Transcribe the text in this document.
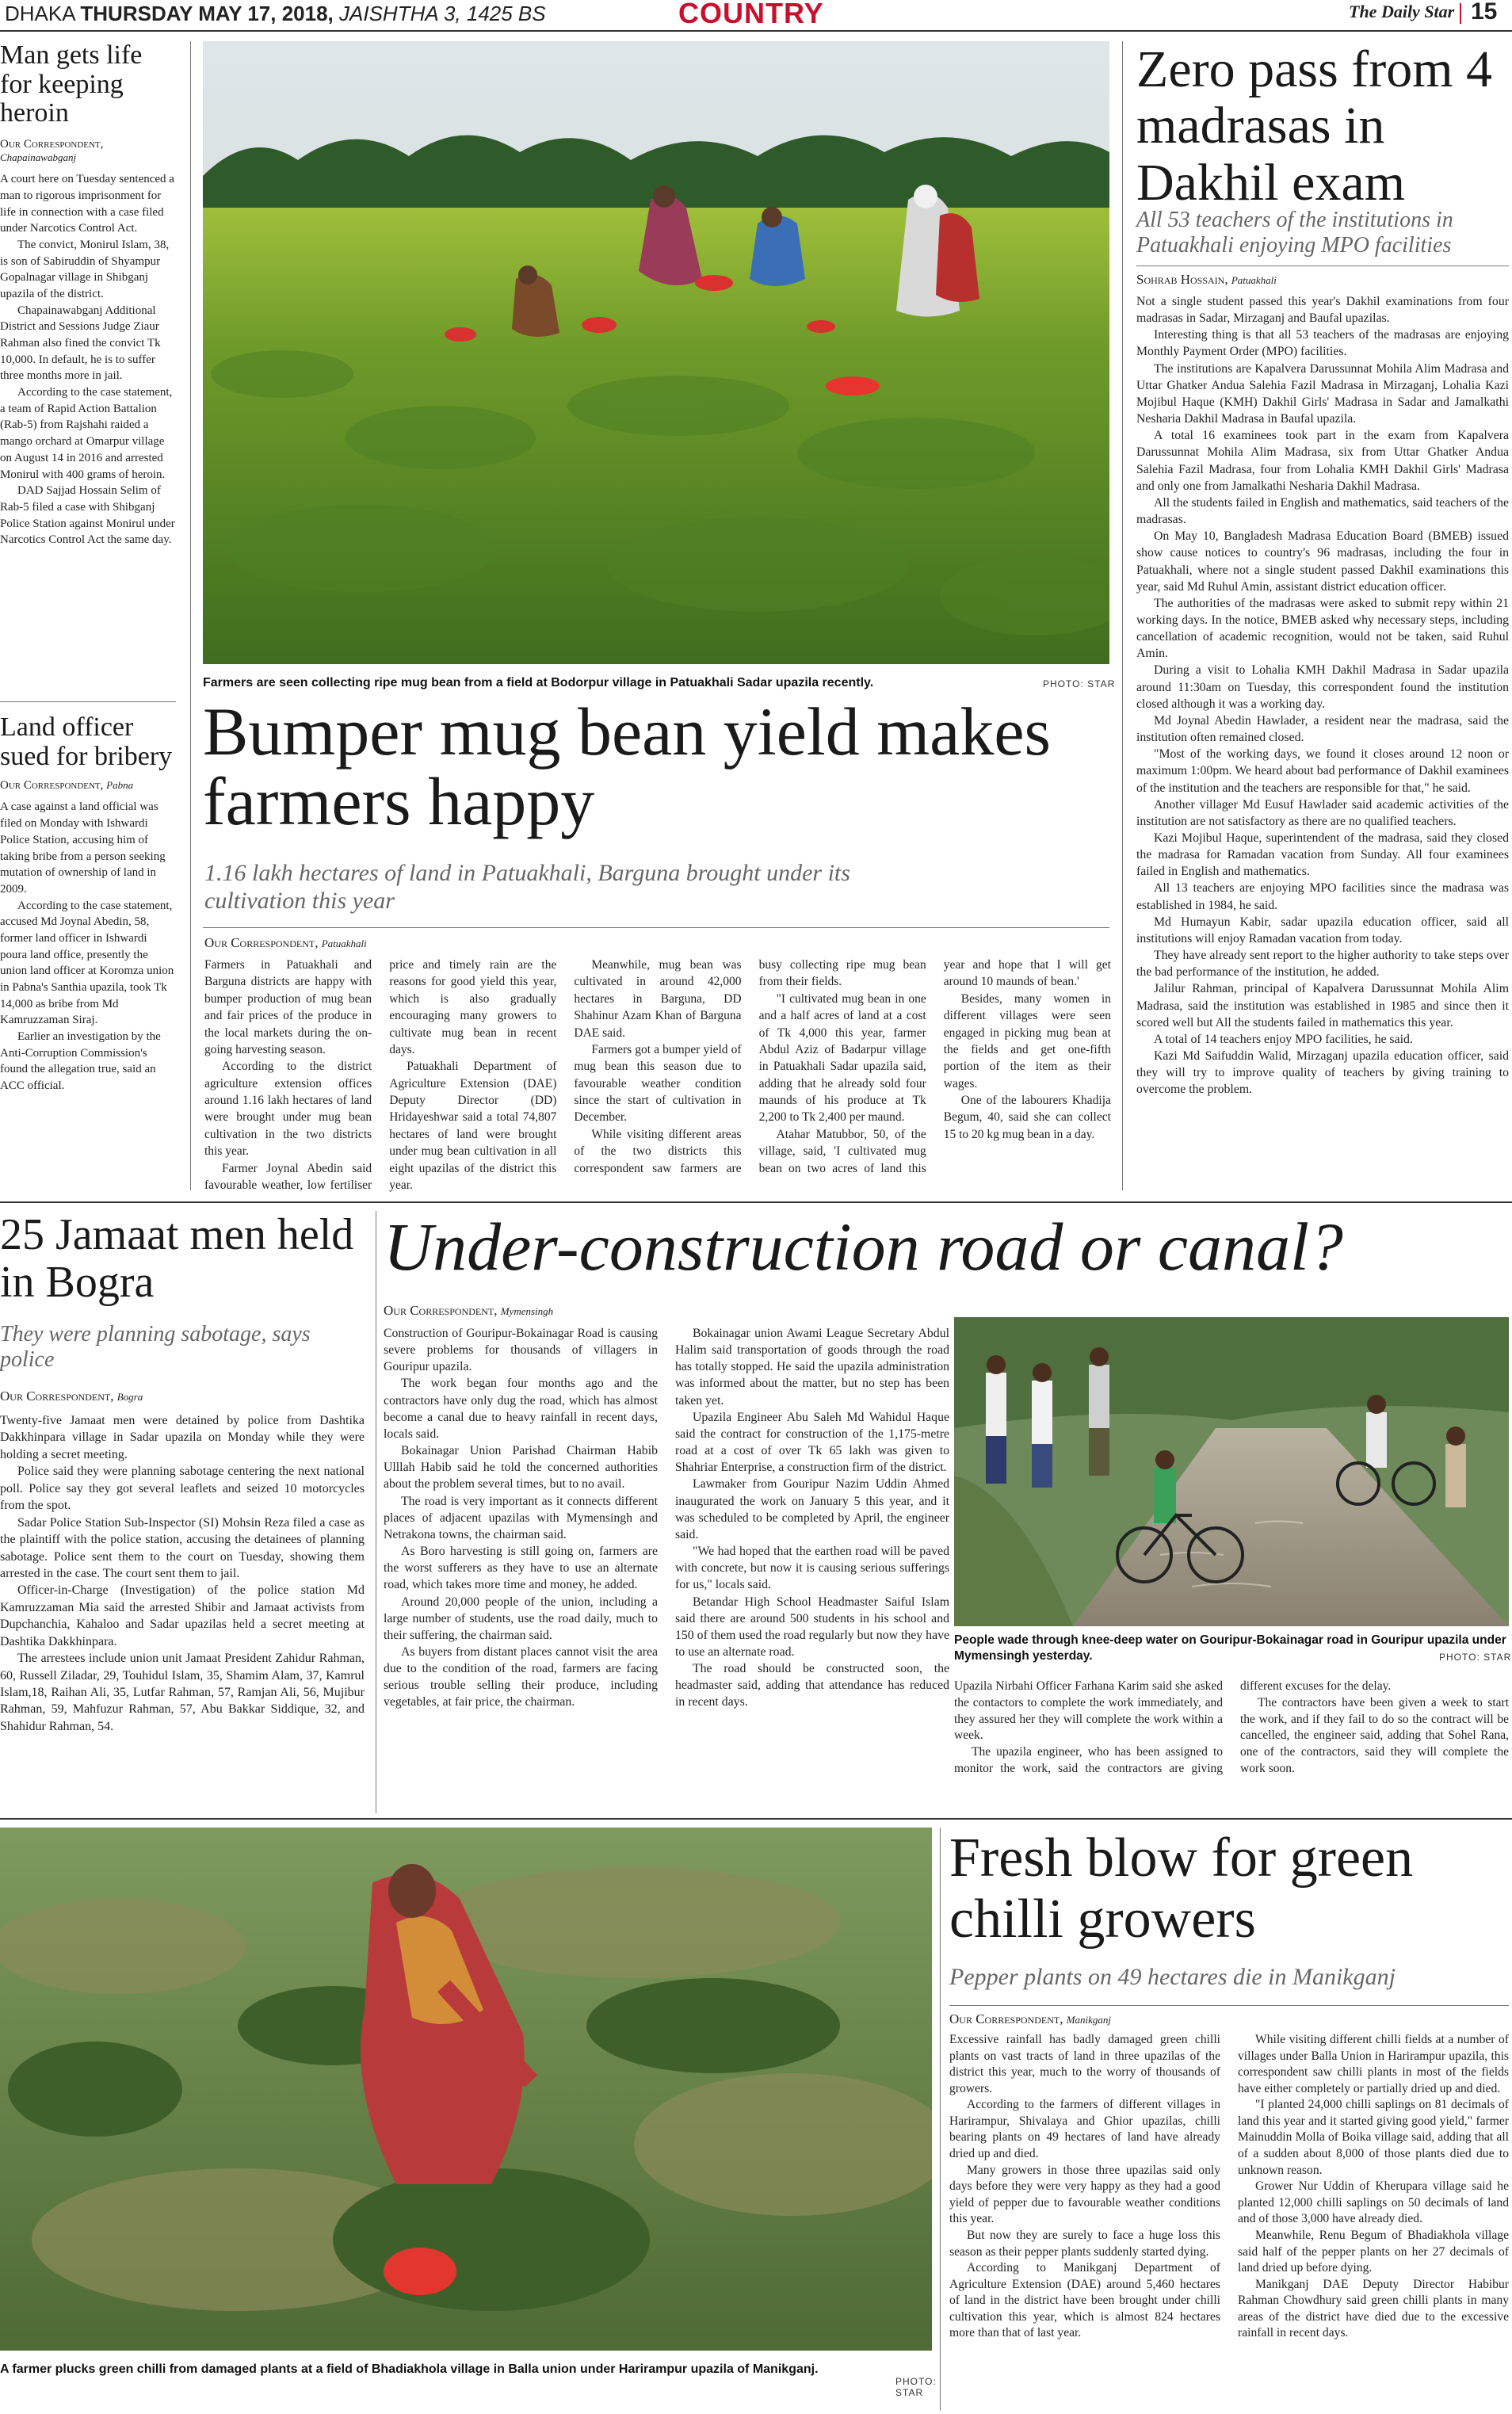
DHAKA THURSDAY MAY 17, 2018, JAISHTHA 3, 1425 BS	COUNTRY	The Daily Star 15
Man gets life for keeping heroin
Our Correspondent,
Chapainawabganj

A court here on Tuesday sentenced a man to rigorous imprisonment for life in connection with a case filed under Narcotics Control Act.

The convict, Monirul Islam, 38, is son of Sabiruddin of Shyampur Gopalnagar village in Shibganj upazila of the district.

Chapainawabganj Additional District and Sessions Judge Ziaur Rahman also fined the convict Tk 10,000. In default, he is to suffer three months more in jail.

According to the case statement, a team of Rapid Action Battalion (Rab-5) from Rajshahi raided a mango orchard at Omarpur village on August 14 in 2016 and arrested Monirul with 400 grams of heroin.

DAD Sajjad Hossain Selim of Rab-5 filed a case with Shibganj Police Station against Monirul under Narcotics Control Act the same day.

Land officer sued for bribery
Our Correspondent, Pabna

A case against a land official was filed on Monday with Ishwardi Police Station, accusing him of taking bribe from a person seeking mutation of ownership of land in 2009.

According to the case statement, accused Md Joynal Abedin, 58, former land officer in Ishwardi poura land office, presently the union land officer at Koromza union in Pabna's Santhia upazila, took Tk 14,000 as bribe from Md Kamruzzaman Siraj.

Earlier an investigation by the Anti-Corruption Commission's found the allegation true, said an ACC official.

Farmers are seen collecting ripe mug bean from a field at Bodorpur village in Patuakhali Sadar upazila recently.	PHOTO: STAR
Bumper mug bean yield makes farmers happy
1.16 lakh hectares of land in Patuakhali, Barguna brought under its cultivation this year
Our Correspondent, Patuakhali

Farmers in Patuakhali and Barguna districts are happy with bumper production of mug bean and fair prices of the produce in the local markets during the on-going harvesting season.

According to the district agriculture extension offices around 1.16 lakh hectares of land were brought under mug bean cultivation in the two districts this year.

Farmer Joynal Abedin said favourable weather, low fertiliser price and timely rain are the reasons for good yield this year, which is also gradually encouraging many growers to cultivate mug bean in recent days.

Patuakhali Department of Agriculture Extension (DAE) Deputy Director (DD) Hridayeshwar said a total 74,807 hectares of land were brought under mug bean cultivation in all eight upazilas of the district this year.

Meanwhile, mug bean was cultivated in around 42,000 hectares in Barguna, DD Shahinur Azam Khan of Barguna DAE said.

Farmers got a bumper yield of mug bean this season due to favourable weather condition since the start of cultivation in December.

While visiting different areas of the two districts this correspondent saw farmers are busy collecting ripe mug bean from their fields.

"I cultivated mug bean in one and a half acres of land at a cost of Tk 4,000 this year, farmer Abdul Aziz of Badarpur village in Patuakhali Sadar upazila said, adding that he already sold four maunds of his produce at Tk 2,200 to Tk 2,400 per maund.

Atahar Matubbor, 50, of the village, said, 'I cultivated mug bean on two acres of land this year and hope that I will get around 10 maunds of bean.'

Besides, many women in different villages were seen engaged in picking mug bean at the fields and get one-fifth portion of the item as their wages.

One of the labourers Khadija Begum, 40, said she can collect 15 to 20 kg mug bean in a day.

Zero pass from 4 madrasas in Dakhil exam
All 53 teachers of the institutions in Patuakhali enjoying MPO facilities
Sohrab Hossain, Patuakhali

Not a single student passed this year's Dakhil examinations from four madrasas in Sadar, Mirzaganj and Baufal upazilas.

Interesting thing is that all 53 teachers of the madrasas are enjoying Monthly Payment Order (MPO) facilities.

The institutions are Kapalvera Darussunnat Mohila Alim Madrasa and Uttar Ghatker Andua Salehia Fazil Madrasa in Mirzaganj, Lohalia Kazi Mojibul Haque (KMH) Dakhil Girls' Madrasa in Sadar and Jamalkathi Nesharia Dakhil Madrasa in Baufal upazila.

A total 16 examinees took part in the exam from Kapalvera Darussunnat Mohila Alim Madrasa, six from Uttar Ghatker Andua Salehia Fazil Madrasa, four from Lohalia KMH Dakhil Girls' Madrasa and only one from Jamalkathi Nesharia Dakhil Madrasa.

All the students failed in English and mathematics, said teachers of the madrasas.

On May 10, Bangladesh Madrasa Education Board (BMEB) issued show cause notices to country's 96 madrasas, including the four in Patuakhali, where not a single student passed Dakhil examinations this year, said Md Ruhul Amin, assistant district education officer.

The authorities of the madrasas were asked to submit repy within 21 working days. In the notice, BMEB asked why necessary steps, including cancellation of academic recognition, would not be taken, said Ruhul Amin.

During a visit to Lohalia KMH Dakhil Madrasa in Sadar upazila around 11:30am on Tuesday, this correspondent found the institution closed although it was a working day.

Md Joynal Abedin Hawlader, a resident near the madrasa, said the institution often remained closed.

"Most of the working days, we found it closes around 12 noon or maximum 1:00pm. We heard about bad performance of Dakhil examinees of the institution and the teachers are responsible for that," he said.

Another villager Md Eusuf Hawlader said academic activities of the institution are not satisfactory as there are no qualified teachers.

Kazi Mojibul Haque, superintendent of the madrasa, said they closed the madrasa for Ramadan vacation from Sunday. All four examinees failed in English and mathematics.

All 13 teachers are enjoying MPO facilities since the madrasa was established in 1984, he said.

Md Humayun Kabir, sadar upazila education officer, said all institutions will enjoy Ramadan vacation from today.

They have already sent report to the higher authority to take steps over the bad performance of the institution, he added.

Jalilur Rahman, principal of Kapalvera Darussunnat Mohila Alim Madrasa, said the institution was established in 1985 and since then it scored well but All the students failed in mathematics this year.

A total of 14 teachers enjoy MPO facilities, he said.

Kazi Md Saifuddin Walid, Mirzaganj upazila education officer, said they will try to improve quality of teachers by giving training to overcome the problem.

25 Jamaat men held in Bogra
They were planning sabotage, says police
Our Correspondent, Bogra

Twenty-five Jamaat men were detained by police from Dashtika Dakkhinpara village in Sadar upazila on Monday while they were holding a secret meeting.

Police said they were planning sabotage centering the next national poll. Police say they got several leaflets and seized 10 motorcycles from the spot.

Sadar Police Station Sub-Inspector (SI) Mohsin Reza filed a case as the plaintiff with the police station, accusing the detainees of planning sabotage. Police sent them to the court on Tuesday, showing them arrested in the case. The court sent them to jail.

Officer-in-Charge (Investigation) of the police station Md Kamruzzaman Mia said the arrested Shibir and Jamaat activists from Dupchanchia, Kahaloo and Sadar upazilas held a secret meeting at Dashtika Dakkhinpara.

The arrestees include union unit Jamaat President Zahidur Rahman, 60, Russell Ziladar, 29, Touhidul Islam, 35, Shamim Alam, 37, Kamrul Islam,18, Raihan Ali, 35, Lutfar Rahman, 57, Ramjan Ali, 56, Mujibur Rahman, 59, Mahfuzur Rahman, 57, Abu Bakkar Siddique, 32, and Shahidur Rahman, 54.

Under-construction road or canal?
Our Correspondent, Mymensingh

Construction of Gouripur-Bokainagar Road is causing severe problems for thousands of villagers in Gouripur upazila.

The work began four months ago and the contractors have only dug the road, which has almost become a canal due to heavy rainfall in recent days, locals said.

Bokainagar Union Parishad Chairman Habib Ulllah Habib said he told the concerned authorities about the problem several times, but to no avail.

The road is very important as it connects different places of adjacent upazilas with Mymensingh and Netrakona towns, the chairman said.

As Boro harvesting is still going on, farmers are the worst sufferers as they have to use an alternate road, which takes more time and money, he added.

Around 20,000 people of the union, including a large number of students, use the road daily, much to their suffering, the chairman said.

As buyers from distant places cannot visit the area due to the condition of the road, farmers are facing serious trouble selling their produce, including vegetables, at fair price, the chairman.

Bokainagar union Awami League Secretary Abdul Halim said transportation of goods through the road has totally stopped. He said the upazila administration was informed about the matter, but no step has been taken yet.

Upazila Engineer Abu Saleh Md Wahidul Haque said the contract for construction of the 1,175-metre road at a cost of over Tk 65 lakh was given to Shahriar Enterprise, a construction firm of the district.

Lawmaker from Gouripur Nazim Uddin Ahmed inaugurated the work on January 5 this year, and it was scheduled to be completed by April, the engineer said.

"We had hoped that the earthen road will be paved with concrete, but now it is causing serious sufferings for us," locals said.

Betandar High School Headmaster Saiful Islam said there are around 500 students in his school and 150 of them used the road regularly but now they have to use an alternate road.

The road should be constructed soon, the headmaster said, adding that attendance has reduced in recent days.

People wade through knee-deep water on Gouripur-Bokainagar road in Gouripur upazila under Mymensingh yesterday.	PHOTO: STAR

Upazila Nirbahi Officer Farhana Karim said she asked the contactors to complete the work immediately, and they assured her they will complete the work within a week.

The upazila engineer, who has been assigned to monitor the work, said the contractors are giving different excuses for the delay.

The contractors have been given a week to start the work, and if they fail to do so the contract will be cancelled, the engineer said, adding that Sohel Rana, one of the contractors, said they will complete the work soon.

A farmer plucks green chilli from damaged plants at a field of Bhadiakhola village in Balla union under Harirampur upazila of Manikganj.
PHOTO: STAR
Fresh blow for green chilli growers
Pepper plants on 49 hectares die in Manikganj
Our Correspondent, Manikganj

Excessive rainfall has badly damaged green chilli plants on vast tracts of land in three upazilas of the district this year, much to the worry of thousands of growers.

According to the farmers of different villages in Harirampur, Shivalaya and Ghior upazilas, chilli bearing plants on 49 hectares of land have already dried up and died.

Many growers in those three upazilas said only days before they were very happy as they had a good yield of pepper due to favourable weather conditions this year.

But now they are surely to face a huge loss this season as their pepper plants suddenly started dying.

According to Manikganj Department of Agriculture Extension (DAE) around 5,460 hectares of land in the district have been brought under chilli cultivation this year, which is almost 824 hectares more than that of last year.

While visiting different chilli fields at a number of villages under Balla Union in Harirampur upazila, this correspondent saw chilli plants in most of the fields have either completely or partially dried up and died.

"I planted 24,000 chilli saplings on 81 decimals of land this year and it started giving good yield," farmer Mainuddin Molla of Boika village said, adding that all of a sudden about 8,000 of those plants died due to unknown reason.

Grower Nur Uddin of Kherupara village said he planted 12,000 chilli saplings on 50 decimals of land and of those 3,000 have already died.

Meanwhile, Renu Begum of Bhadiakhola village said half of the pepper plants on her 27 decimals of land dried up before dying.

Manikganj DAE Deputy Director Habibur Rahman Chowdhury said green chilli plants in many areas of the district have died due to the excessive rainfall in recent days.
